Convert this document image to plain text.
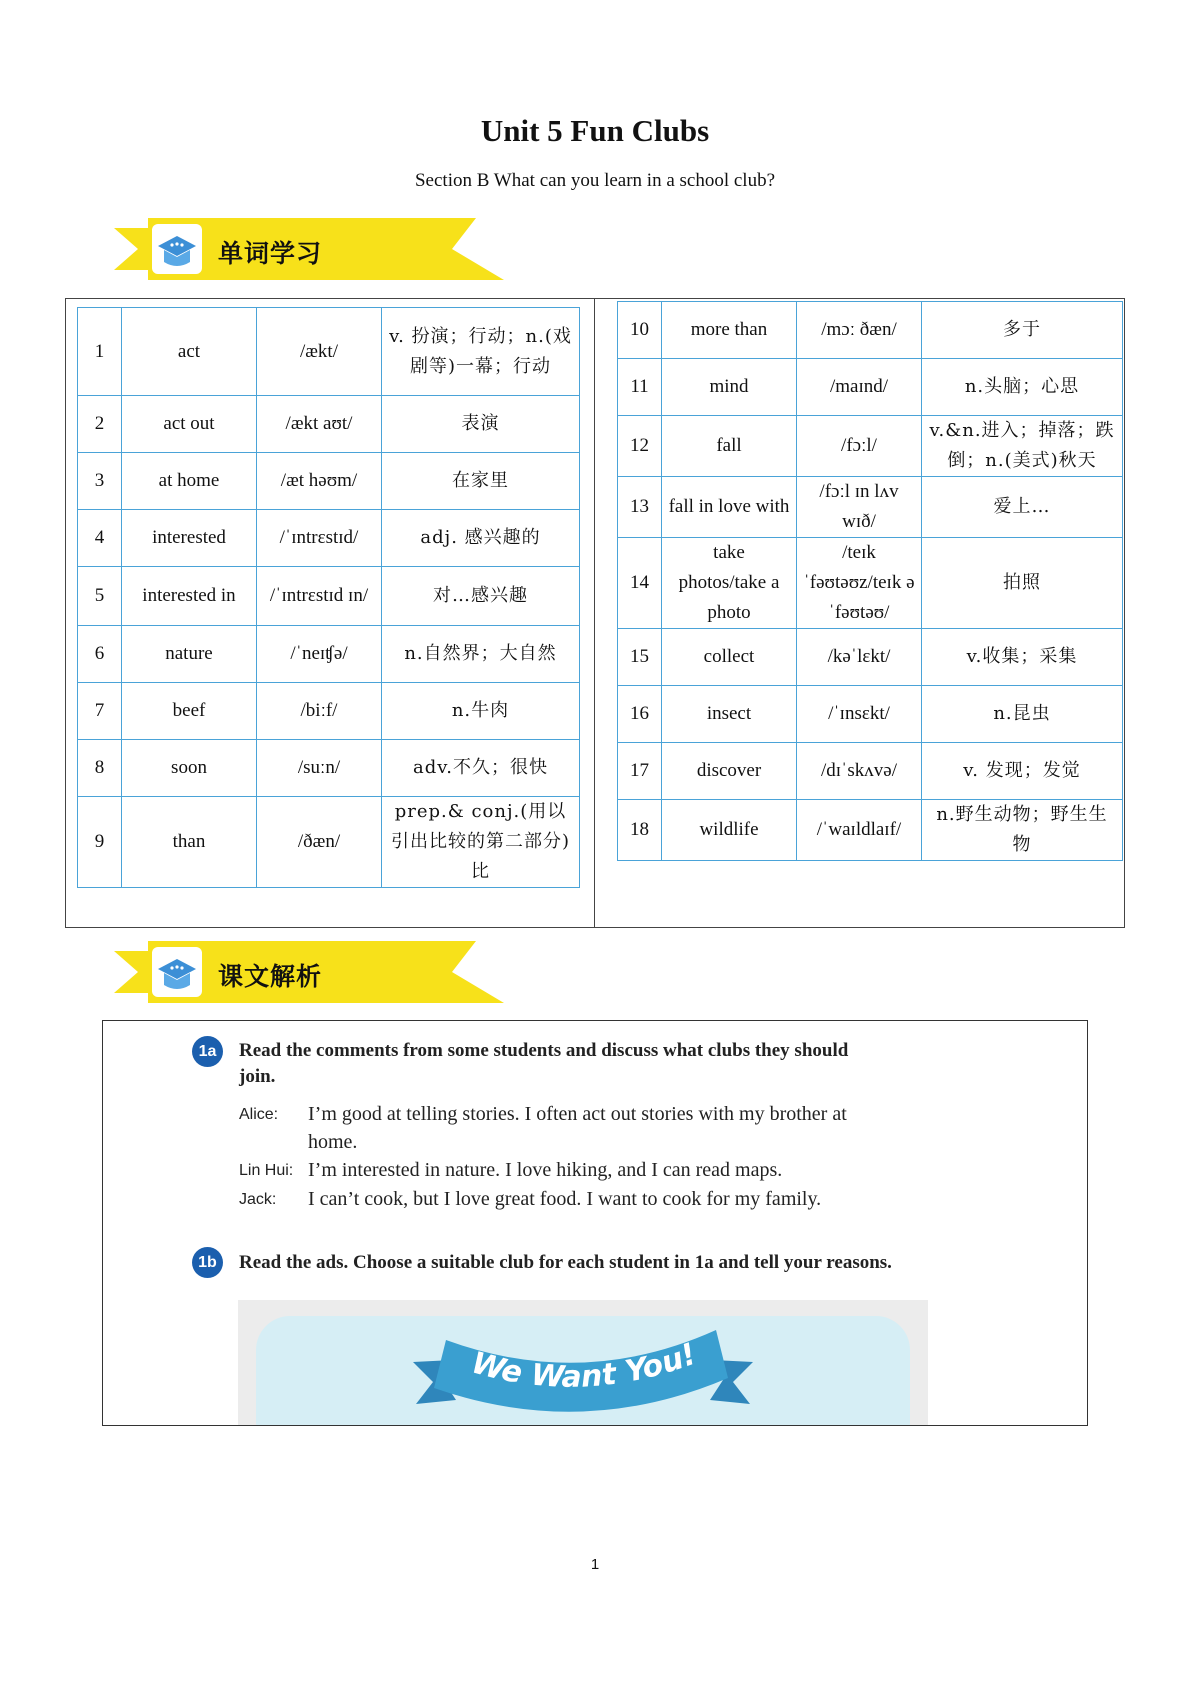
Unit 5 Fun Clubs
Section B What can you learn in a school club?
单词学习
1	act	/ækt/	v. 扮演；行动；n.(戏剧等)一幕；行动
2	act out	/ækt aʊt/	表演
3	at home	/æt həʊm/	在家里
4	interested	/ˈɪntrɛstɪd/	adj. 感兴趣的
5	interested in	/ˈɪntrɛstɪd ɪn/	对…感兴趣
6	nature	/ˈneɪʧə/	n.自然界；大自然
7	beef	/biːf/	n.牛肉
8	soon	/suːn/	adv.不久；很快
9	than	/ðæn/	prep.& conj.(用以引出比较的第二部分)比
10	more than	/mɔː ðæn/	多于
11	mind	/maɪnd/	n.头脑；心思
12	fall	/fɔːl/	v.&n.进入；掉落；跌倒；n.(美式)秋天
13	fall in love with	/fɔːl ɪn lʌv wɪð/	爱上…
14	take photos/take a photo	/teɪk ˈfəʊtəʊz/teɪk ə ˈfəʊtəʊ/	拍照
15	collect	/kəˈlɛkt/	v.收集；采集
16	insect	/ˈɪnsɛkt/	n.昆虫
17	discover	/dɪˈskʌvə/	v. 发现；发觉
18	wildlife	/ˈwaɪldlaɪf/	n.野生动物；野生生物
课文解析
1a	Read the comments from some students and discuss what clubs they should
join.
Alice: I’m good at telling stories. I often act out stories with my brother at
home.
Lin Hui: I’m interested in nature. I love hiking, and I can read maps.
Jack: I can’t cook, but I love great food. I want to cook for my family.
1b	Read the ads. Choose a suitable club for each student in 1a and tell your reasons.
We Want You!
1
